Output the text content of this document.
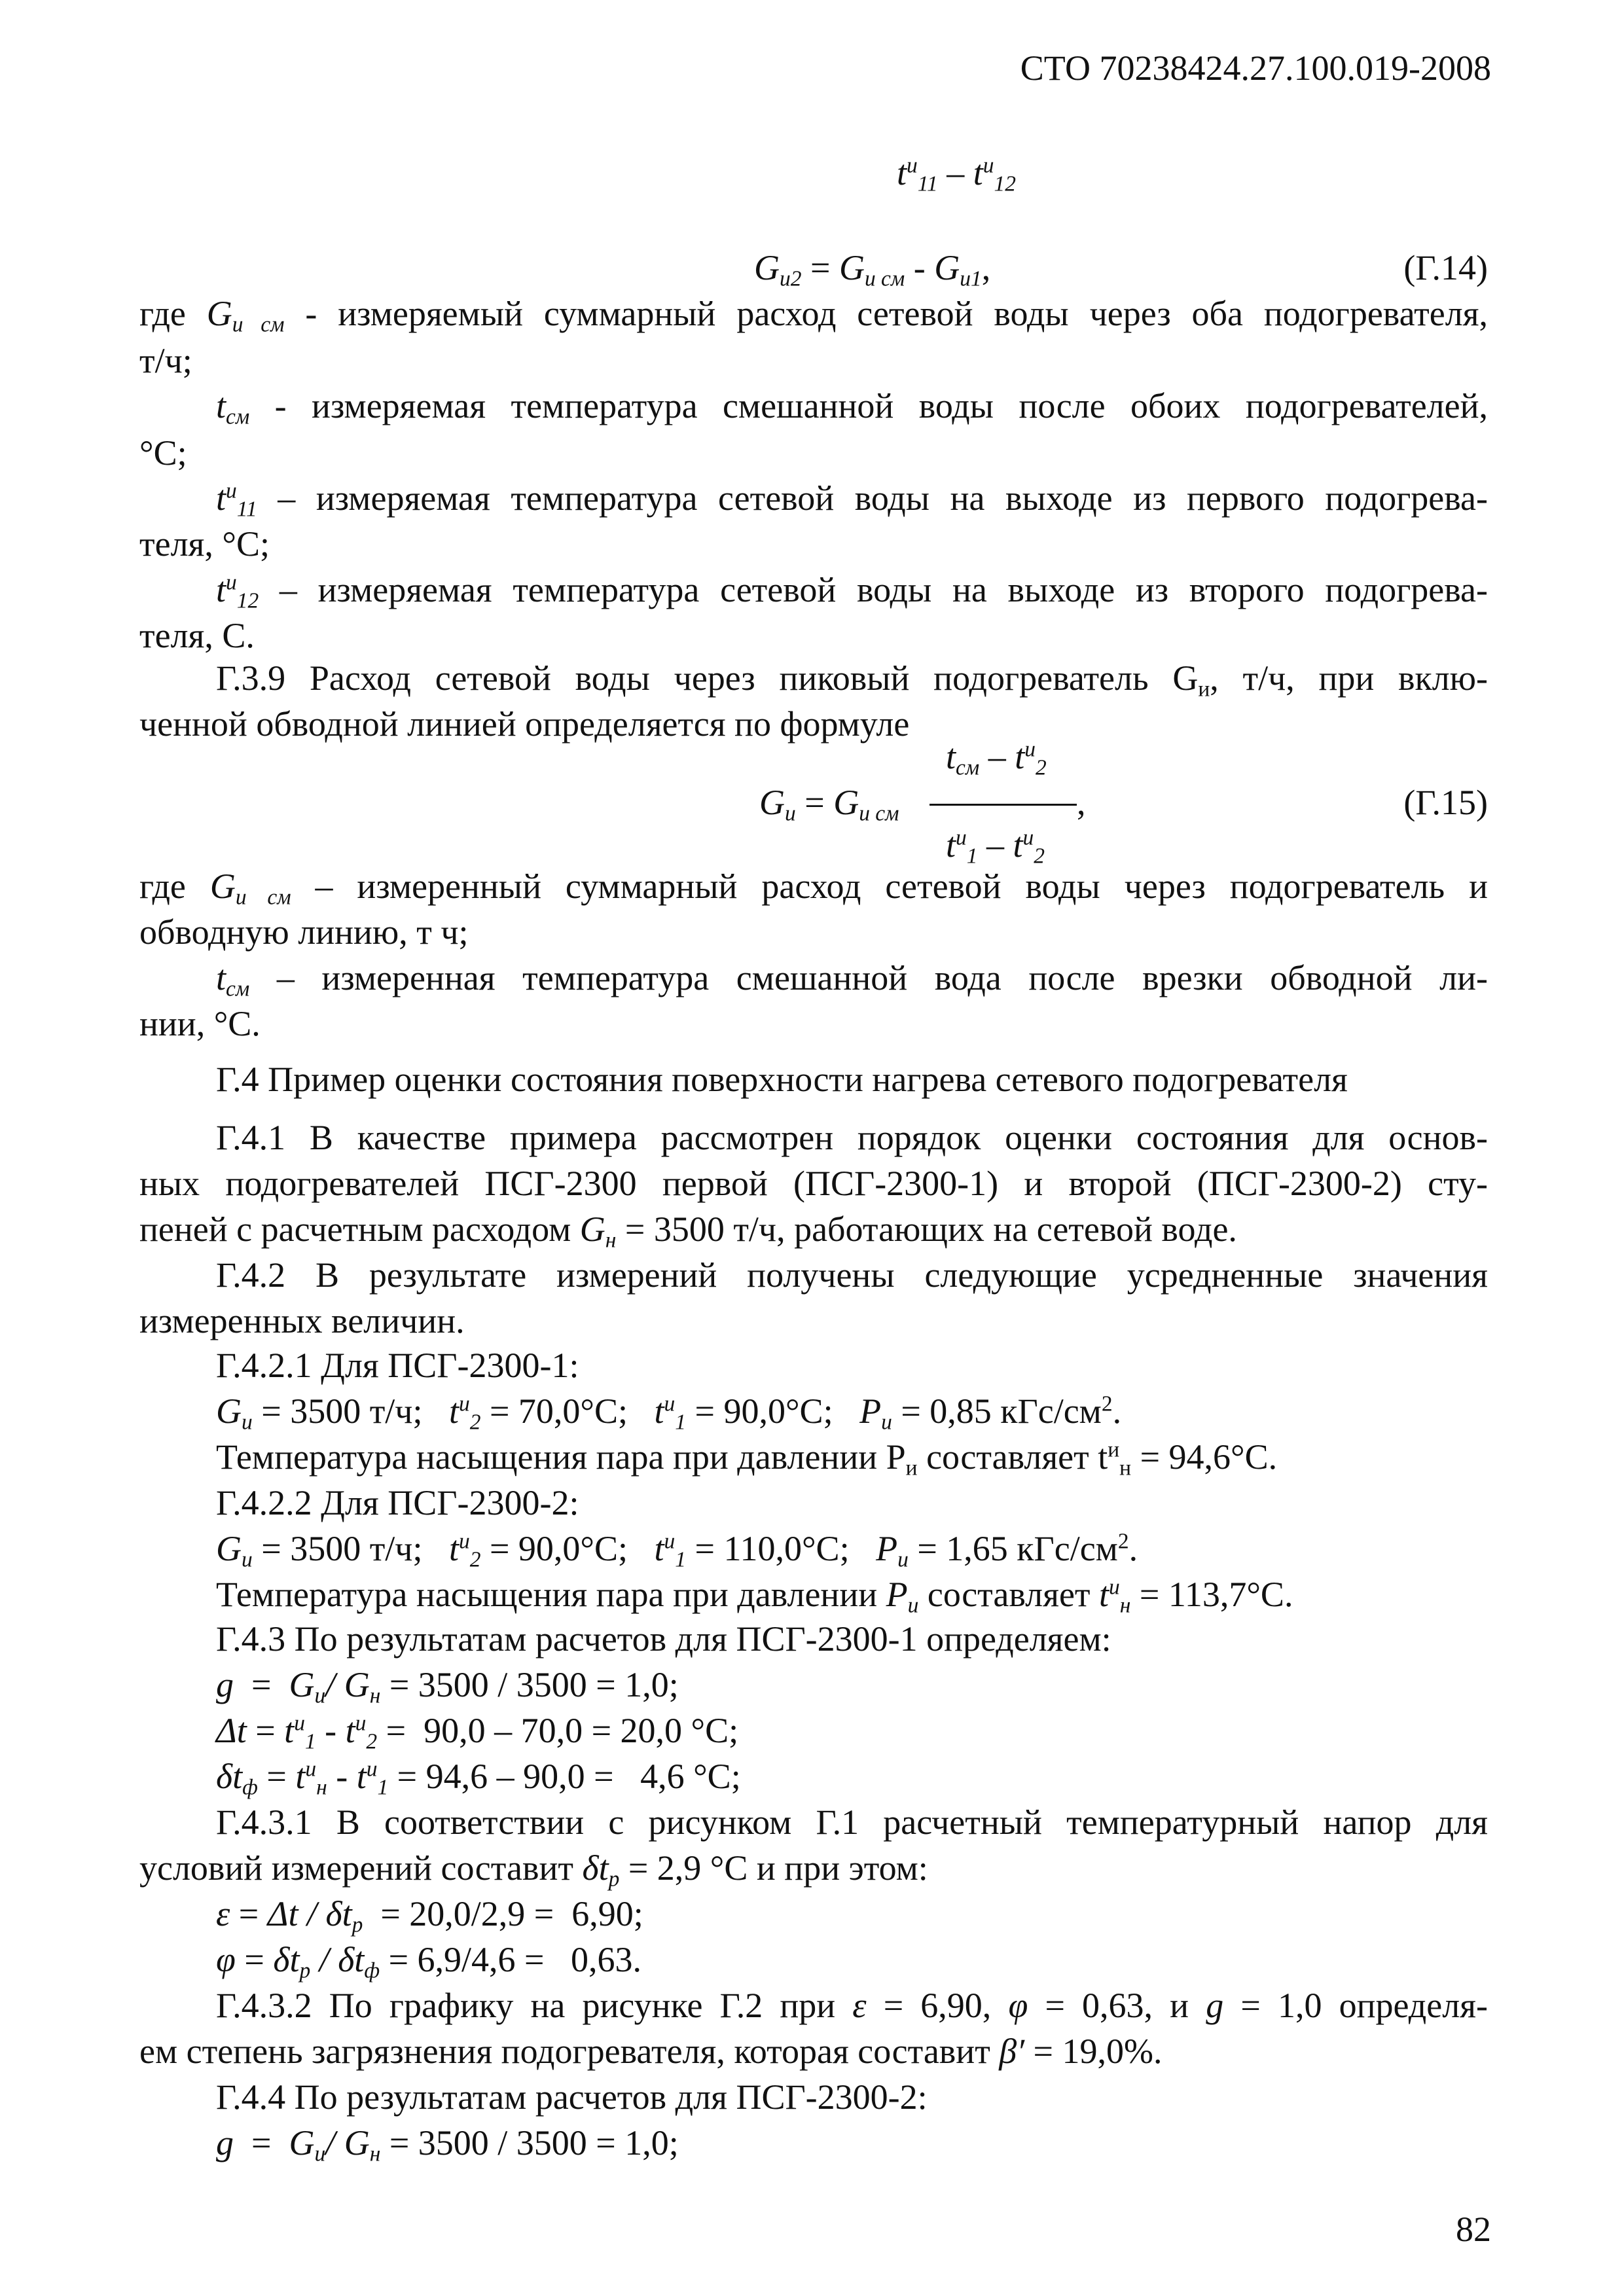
СТО 70238424.27.100.019-2008
$t^и_{11} - t^и_{12}$
$G_{и2} = G_{и см} - G_{и1}$,	(Г.14)
где $G_{и см}$ - измеряемый суммарный расход сетевой воды через оба подогревателя,
т/ч;
$t_{см}$ - измеряемая температура смешанной воды после обоих подогревателей,
°С;
$t^и_{11}$ – измеряемая температура сетевой воды на выходе из первого подогрева-
теля, °С;
$t^и_{12}$ – измеряемая температура сетевой воды на выходе из второго подогрева-
теля, С.
Г.3.9 Расход сетевой воды через пиковый подогреватель $G_и$, т/ч, при вклю-
ченной обводной линией определяется по формуле
$G_и = G_{и см}$
$t_{см} - t^и_2$
,
$t^и_1 - t^и_2$
(Г.15)
где $G_{и см}$ – измеренный суммарный расход сетевой воды через подогреватель и
обводную линию, т ч;
$t_{см}$ – измеренная температура смешанной вода после врезки обводной ли-
нии, °С.
Г.4 Пример оценки состояния поверхности нагрева сетевого подогревателя
Г.4.1 В качестве примера рассмотрен порядок оценки состояния для основ-
ных подогревателей ПСГ-2300 первой (ПСГ-2300-1) и второй (ПСГ-2300-2) сту-
пеней с расчетным расходом $G_н = 3500$ т/ч, работающих на сетевой воде.
Г.4.2 В результате измерений получены следующие усредненные значения
измеренных величин.
Г.4.2.1 Для ПСГ-2300-1:
$G_и = 3500$ т/ч;   $t^и_2 = 70,0^\circ С$;   $t^и_1 = 90,0^\circ С$;   $P_и = 0,85$ кГс/$см^2$.
Температура насыщения пара при давлении $Р_и$ составляет $t^и_н = 94,6^\circ С$.
Г.4.2.2 Для ПСГ-2300-2:
$G_и = 3500$ т/ч;   $t^и_2 = 90,0^\circ С$;   $t^и_1 = 110,0^\circ С$;   $P_и = 1,65$ кГс/$см^2$.
Температура насыщения пара при давлении $P_и$ составляет $t^и_н = 113,7^\circ С$.
Г.4.3 По результатам расчетов для ПСГ-2300-1 определяем:
$g = G_и/$ $G_н = 3500 / 3500 = 1,0$;
$\Delta t = t^и_1 - t^и_2 = 90,0 - 70,0 = 20,0$ °С;
$\delta t_ф = t^и_н - t^и_1 = 94,6 - 90,0 = 4,6$ °С;
Г.4.3.1 В соответствии с рисунком Г.1 расчетный температурный напор для
условий измерений составит $\delta t_р = 2,9$ °С и при этом:
$\varepsilon = \Delta t / \delta t_р = 20,0/2,9 = 6,90$;
$\varphi = \delta t_р / \delta t_ф = 6,9/4,6 = 0,63$.
Г.4.3.2 По графику на рисунке Г.2 при ε = 6,90, φ = 0,63, и g = 1,0 определя-
ем степень загрязнения подогревателя, которая составит β′ = 19,0%.
Г.4.4 По результатам расчетов для ПСГ-2300-2:
$g = G_и/$ $G_н = 3500 / 3500 = 1,0$;
82
